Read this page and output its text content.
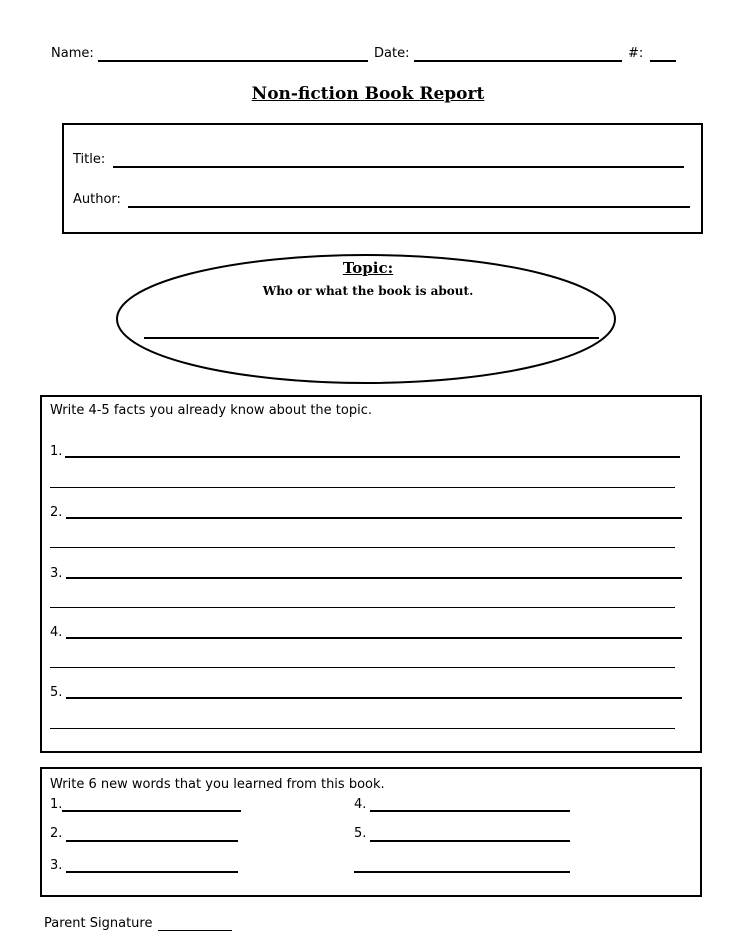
Name:	Date:	#:
Non-fiction Book Report
Title:
Author:
Topic:
Who or what the book is about.
Write 4-5 facts you already know about the topic.
1.
2.
3.
4.
5.
Write 6 new words that you learned from this book.
1.	4.
2.	5.
3.
Parent Signature
